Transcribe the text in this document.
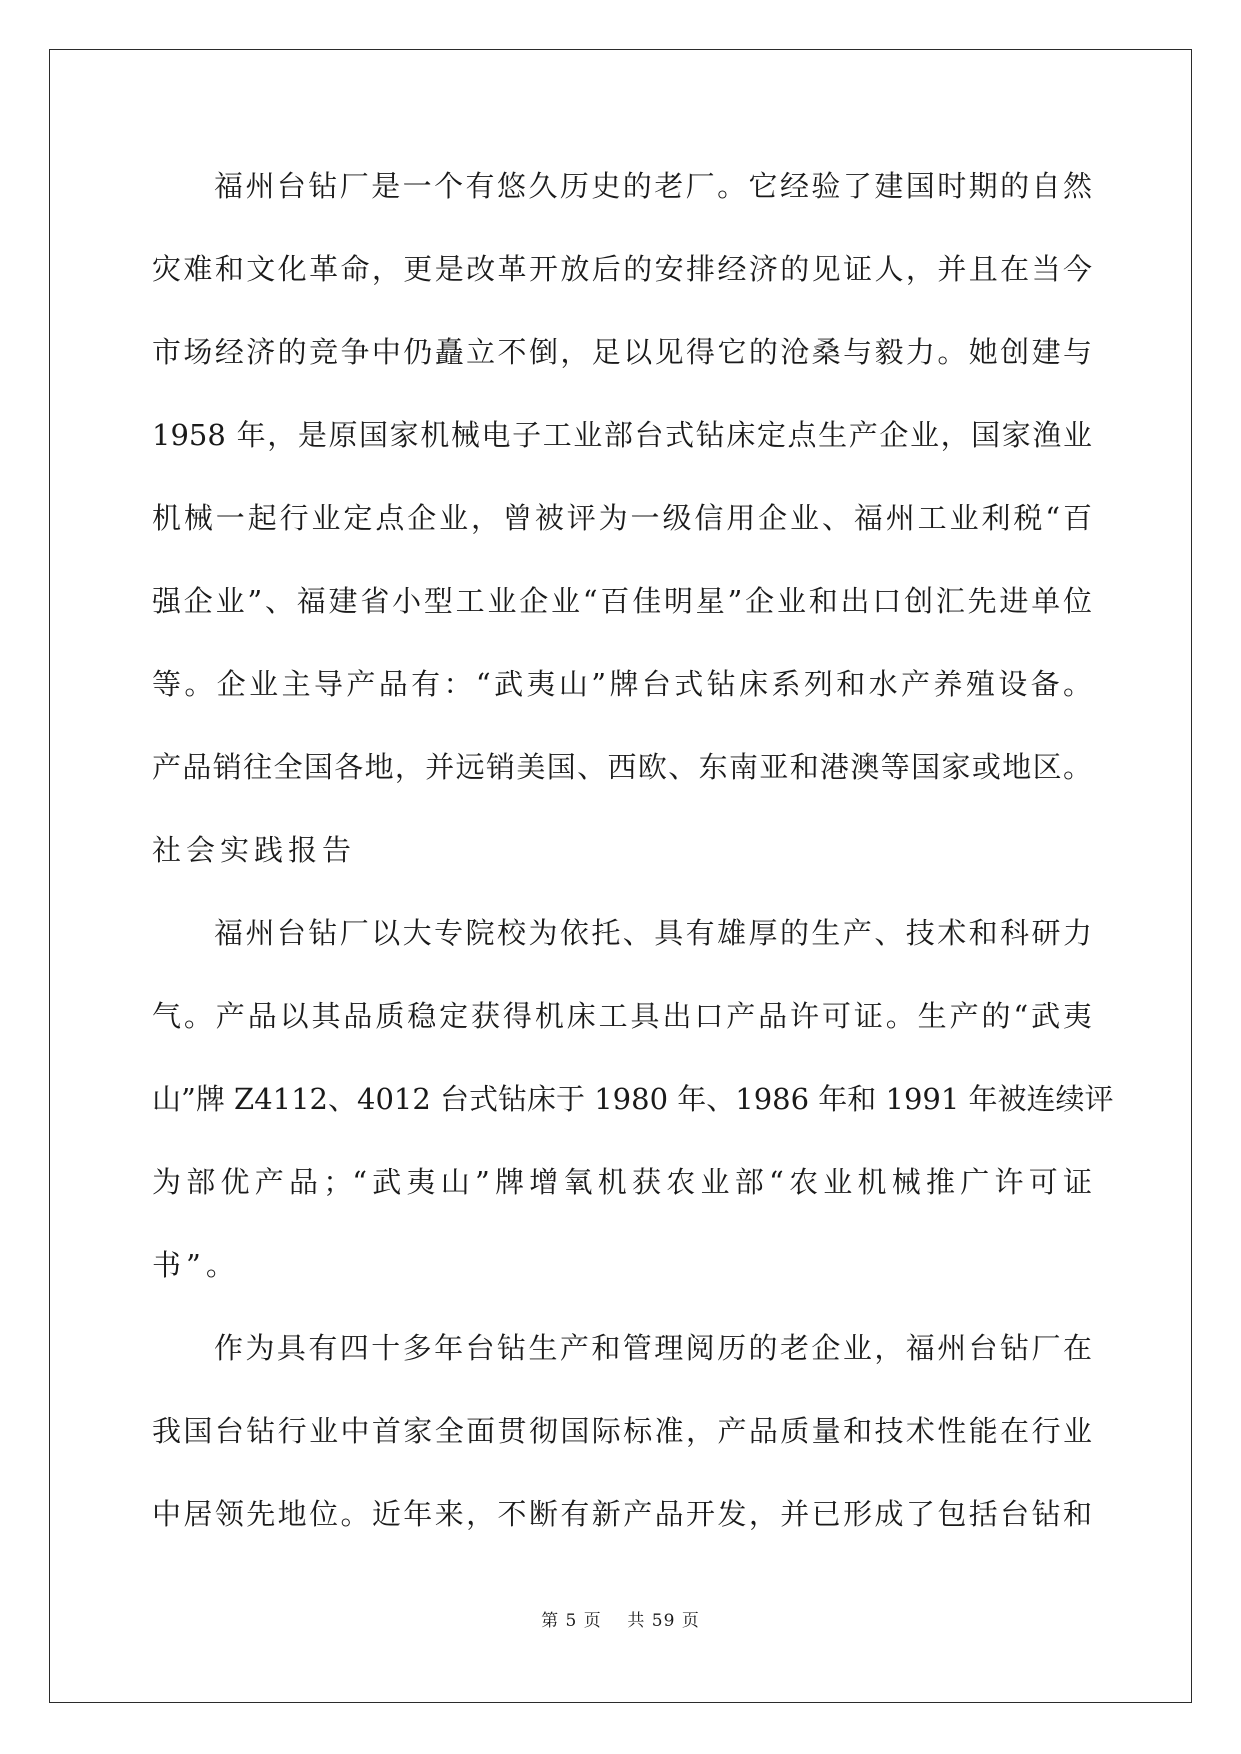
福州台钻厂是一个有悠久历史的老厂。它经验了建国时期的自然
灾难和文化革命，更是改革开放后的安排经济的见证人，并且在当今
市场经济的竞争中仍矗立不倒，足以见得它的沧桑与毅力。她创建与
1958 年，是原国家机械电子工业部台式钻床定点生产企业，国家渔业
机械一起行业定点企业，曾被评为一级信用企业、福州工业利税“百
强企业”、福建省小型工业企业“百佳明星”企业和出口创汇先进单位
等。企业主导产品有：“武夷山”牌台式钻床系列和水产养殖设备。
产品销往全国各地，并远销美国、西欧、东南亚和港澳等国家或地区。
社会实践报告
福州台钻厂以大专院校为依托、具有雄厚的生产、技术和科研力
气。产品以其品质稳定获得机床工具出口产品许可证。生产的“武夷
山”牌 Z4112、4012 台式钻床于 1980 年、1986 年和 1991 年被连续评
为部优产品；“武夷山”牌增氧机获农业部“农业机械推广许可证
书”。
作为具有四十多年台钻生产和管理阅历的老企业，福州台钻厂在
我国台钻行业中首家全面贯彻国际标准，产品质量和技术性能在行业
中居领先地位。近年来，不断有新产品开发，并已形成了包括台钻和
第 5 页    共 59 页
